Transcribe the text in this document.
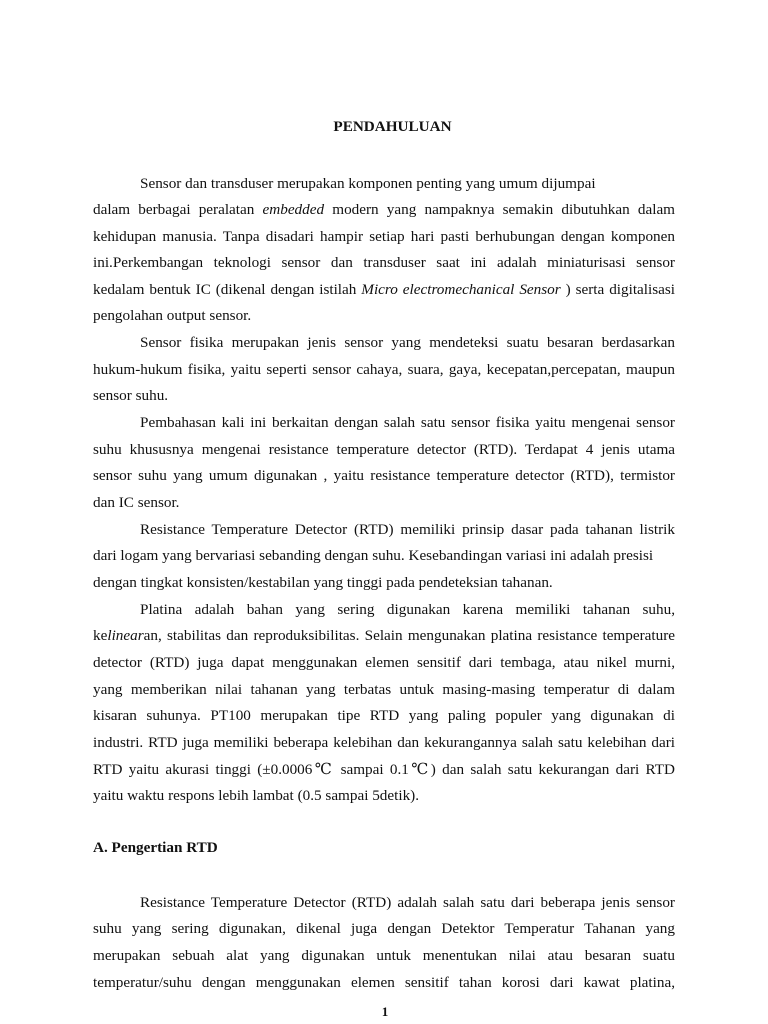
PENDAHULUAN
Sensor dan transduser merupakan komponen penting yang umum dijumpai
dalam berbagai peralatan embedded modern yang nampaknya semakin dibutuhkan dalam
kehidupan manusia. Tanpa disadari hampir setiap hari pasti berhubungan dengan komponen
ini.Perkembangan teknologi sensor dan transduser saat ini adalah miniaturisasi sensor
kedalam bentuk IC (dikenal dengan istilah Micro electromechanical Sensor ) serta digitalisasi
pengolahan output sensor.
Sensor fisika merupakan jenis sensor yang mendeteksi suatu besaran berdasarkan
hukum-hukum fisika, yaitu seperti sensor cahaya, suara, gaya, kecepatan,percepatan, maupun
sensor suhu.
Pembahasan kali ini berkaitan dengan salah satu sensor fisika yaitu mengenai sensor
suhu khususnya mengenai resistance temperature detector (RTD). Terdapat 4 jenis utama
sensor suhu yang umum digunakan , yaitu resistance temperature detector (RTD), termistor
dan IC sensor.
Resistance Temperature Detector (RTD) memiliki prinsip dasar pada tahanan listrik
dari logam yang bervariasi sebanding dengan suhu. Kesebandingan variasi ini adalah presisi
dengan tingkat konsisten/kestabilan yang tinggi pada pendeteksian tahanan.
Platina adalah bahan yang sering digunakan karena memiliki tahanan suhu,
kelinearan, stabilitas dan reproduksibilitas. Selain mengunakan platina resistance temperature
detector (RTD) juga dapat menggunakan elemen sensitif dari tembaga, atau nikel murni,
yang memberikan nilai tahanan yang terbatas untuk masing-masing temperatur di dalam
kisaran suhunya. PT100 merupakan tipe RTD yang paling populer yang digunakan di
industri. RTD juga memiliki beberapa kelebihan dan kekurangannya salah satu kelebihan dari
RTD yaitu akurasi tinggi (±0.0006℃ sampai 0.1℃) dan salah satu kekurangan dari RTD
yaitu waktu respons lebih lambat (0.5 sampai 5detik).
A. Pengertian RTD
Resistance Temperature Detector (RTD) adalah salah satu dari beberapa jenis sensor
suhu yang sering digunakan, dikenal juga dengan Detektor Temperatur Tahanan yang
merupakan sebuah alat yang digunakan untuk menentukan nilai atau besaran suatu
temperatur/suhu dengan menggunakan elemen sensitif tahan korosi dari kawat platina,
1
